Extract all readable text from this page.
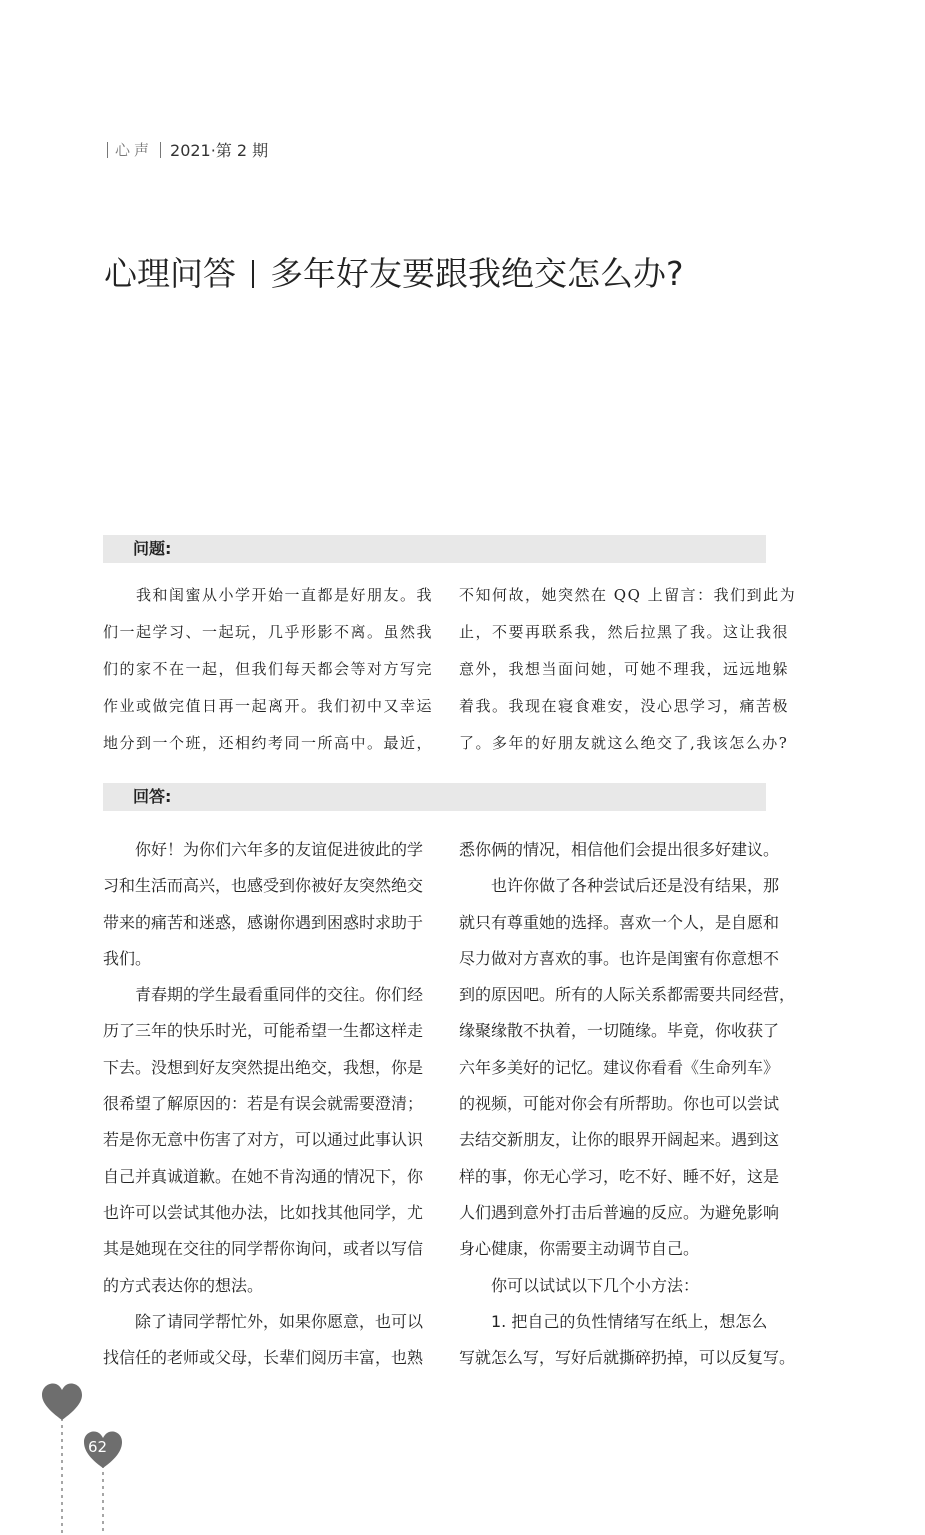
心声 2021·第 2 期
心理问答 多年好友要跟我绝交怎么办?
问题:
　　我和闺蜜从小学开始一直都是好朋友。我
们一起学习、一起玩，几乎形影不离。虽然我
们的家不在一起，但我们每天都会等对方写完
作业或做完值日再一起离开。我们初中又幸运
地分到一个班，还相约考同一所高中。最近，
不知何故，她突然在 QQ 上留言：我们到此为
止，不要再联系我，然后拉黑了我。这让我很
意外，我想当面问她，可她不理我，远远地躲
着我。我现在寝食难安，没心思学习，痛苦极
了。多年的好朋友就这么绝交了,我该怎么办?
回答:
　　你好！为你们六年多的友谊促进彼此的学
习和生活而高兴，也感受到你被好友突然绝交
带来的痛苦和迷惑，感谢你遇到困惑时求助于
我们。
　　青春期的学生最看重同伴的交往。你们经
历了三年的快乐时光，可能希望一生都这样走
下去。没想到好友突然提出绝交，我想，你是
很希望了解原因的：若是有误会就需要澄清；
若是你无意中伤害了对方，可以通过此事认识
自己并真诚道歉。在她不肯沟通的情况下，你
也许可以尝试其他办法，比如找其他同学，尤
其是她现在交往的同学帮你询问，或者以写信
的方式表达你的想法。
　　除了请同学帮忙外，如果你愿意，也可以
找信任的老师或父母，长辈们阅历丰富，也熟
悉你俩的情况，相信他们会提出很多好建议。
　　也许你做了各种尝试后还是没有结果，那
就只有尊重她的选择。喜欢一个人，是自愿和
尽力做对方喜欢的事。也许是闺蜜有你意想不
到的原因吧。所有的人际关系都需要共同经营，
缘聚缘散不执着，一切随缘。毕竟，你收获了
六年多美好的记忆。建议你看看《生命列车》
的视频，可能对你会有所帮助。你也可以尝试
去结交新朋友，让你的眼界开阔起来。遇到这
样的事，你无心学习，吃不好、睡不好，这是
人们遇到意外打击后普遍的反应。为避免影响
身心健康，你需要主动调节自己。
　　你可以试试以下几个小方法：
　　1. 把自己的负性情绪写在纸上，想怎么
写就怎么写，写好后就撕碎扔掉，可以反复写。
62
